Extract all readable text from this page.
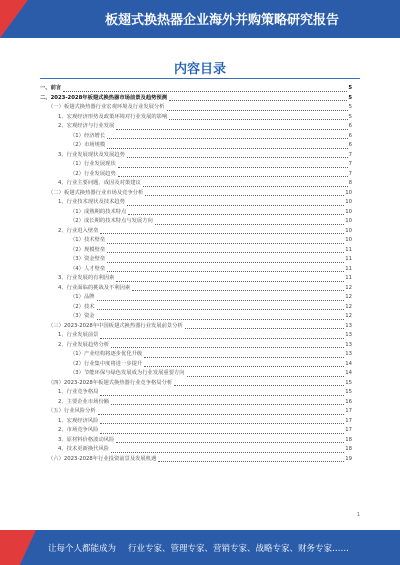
板翅式换热器企业海外并购策略研究报告
内容目录
一、前言	5
二、2023-2028年板翅式换热器市场前景及趋势预测	5
（一）板翅式换热器行业宏观环境及行业发展分析	5
1、宏观经济形势及政策环境对行业发展的影响	5
2、宏观经济与行业发展	6
（1）经济增长	6
（2）市场规模	6
3、行业发展现状及发展趋势	7
（1）行业发展现状	7
（2）行业发展趋势	7
4、行业主要问题、成因及对策建议	8
（二）板翅式换热器行业市场及竞争分析	10
1、行业技术现状及技术趋势	10
（1）成熟期的技术特点	10
（2）成长期的技术特点与发展方向	10
2、行业进入壁垒	10
（1）技术壁垒	10
（2）规模壁垒	11
（3）资金壁垒	11
（4）人才壁垒	11
3、行业发展的有利因素	11
4、行业面临的挑战及不利因素	12
（1）品牌	12
（2）技术	12
（3）资金	12
（三）2023-2028年中国板翅式换热器行业发展前景分析	13
1、行业发展前景	13
2、行业发展趋势分析	13
（1）产业结构将逐步优化升级	13
（2）行业集中度将进一步提升	14
（3）节能环保与绿色发展成为行业发展重要方向	14
（四）2023-2028年板翅式换热器行业竞争格局分析	15
1、行业竞争格局	15
2、主要企业市场份额	16
（五）行业风险分析	17
1、宏观经济风险	17
2、市场竞争风险	17
3、原材料价格波动风险	18
4、技术更新换代风险	18
（六）2023-2028年行业投资前景及发展机遇	19
1
让每个人都能成为 行业专家、管理专家、营销专家、战略专家、财务专家……
